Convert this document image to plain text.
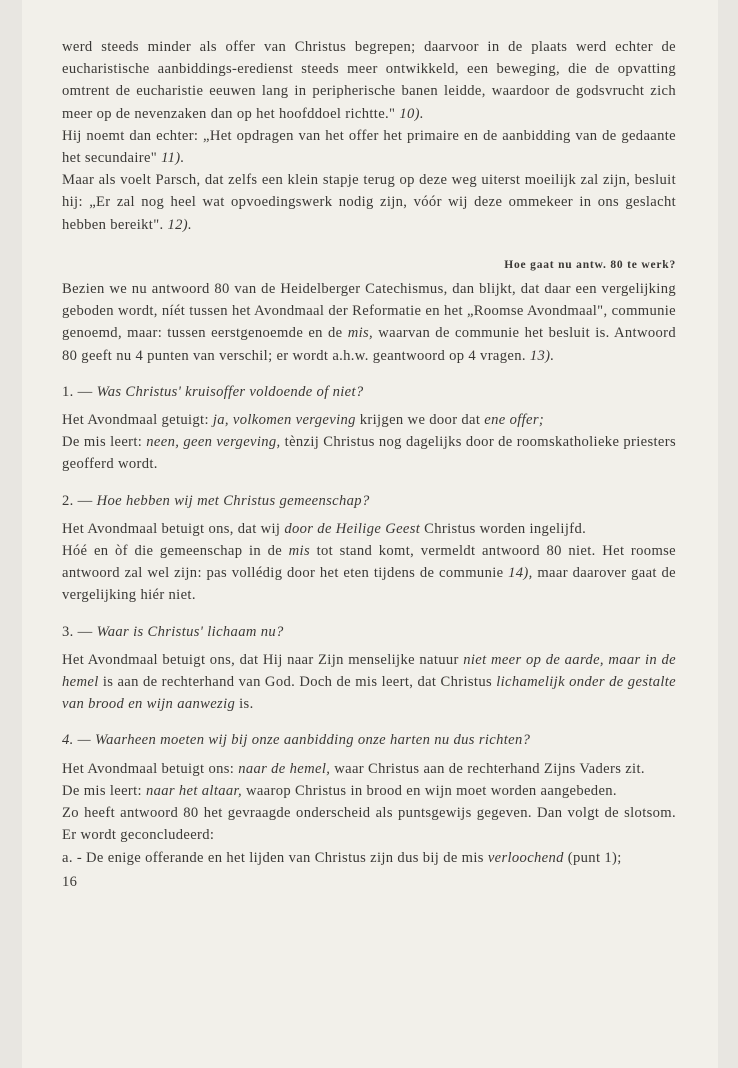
werd steeds minder als offer van Christus begrepen; daarvoor in de plaats werd echter de eucharistische aanbiddings-eredienst steeds meer ontwikkeld, een beweging, die de opvatting omtrent de eucharistie eeuwen lang in peripherische banen leidde, waardoor de godsvrucht zich meer op de nevenzaken dan op het hoofddoel richtte." 10).

Hij noemt dan echter: „Het opdragen van het offer het primaire en de aanbidding van de gedaante het secundaire" 11).

Maar als voelt Parsch, dat zelfs een klein stapje terug op deze weg uiterst moeilijk zal zijn, besluit hij: „Er zal nog heel wat opvoedingswerk nodig zijn, vóór wij deze ommekeer in ons geslacht hebben bereikt". 12).

Hoe gaat nu antw. 80 te werk?

Bezien we nu antwoord 80 van de Heidelberger Catechismus, dan blijkt, dat daar een vergelijking geboden wordt, níét tussen het Avondmaal der Reformatie en het „Roomse Avondmaal", communie genoemd, maar: tussen eerstgenoemde en de mis, waarvan de communie het besluit is. Antwoord 80 geeft nu 4 punten van verschil; er wordt a.h.w. geantwoord op 4 vragen. 13).

1. — Was Christus' kruisoffer voldoende of niet?

Het Avondmaal getuigt: ja, volkomen vergeving krijgen we door dat ene offer;

De mis leert: neen, geen vergeving, tènzij Christus nog dagelijks door de roomskatholieke priesters geofferd wordt.

2. — Hoe hebben wij met Christus gemeenschap?

Het Avondmaal betuigt ons, dat wij door de Heilige Geest Christus worden ingelijfd.

Hóé en òf die gemeenschap in de mis tot stand komt, vermeldt antwoord 80 niet. Het roomse antwoord zal wel zijn: pas vollédig door het eten tijdens de communie 14), maar daarover gaat de vergelijking hiér niet.

3. — Waar is Christus' lichaam nu?

Het Avondmaal betuigt ons, dat Hij naar Zijn menselijke natuur niet meer op de aarde, maar in de hemel is aan de rechterhand van God. Doch de mis leert, dat Christus lichamelijk onder de gestalte van brood en wijn aanwezig is.

4. — Waarheen moeten wij bij onze aanbidding onze harten nu dus richten?

Het Avondmaal betuigt ons: naar de hemel, waar Christus aan de rechterhand Zijns Vaders zit.

De mis leert: naar het altaar, waarop Christus in brood en wijn moet worden aangebeden.

Zo heeft antwoord 80 het gevraagde onderscheid als puntsgewijs gegeven. Dan volgt de slotsom. Er wordt geconcludeerd:

a. - De enige offerande en het lijden van Christus zijn dus bij de mis verloochend (punt 1);

16
